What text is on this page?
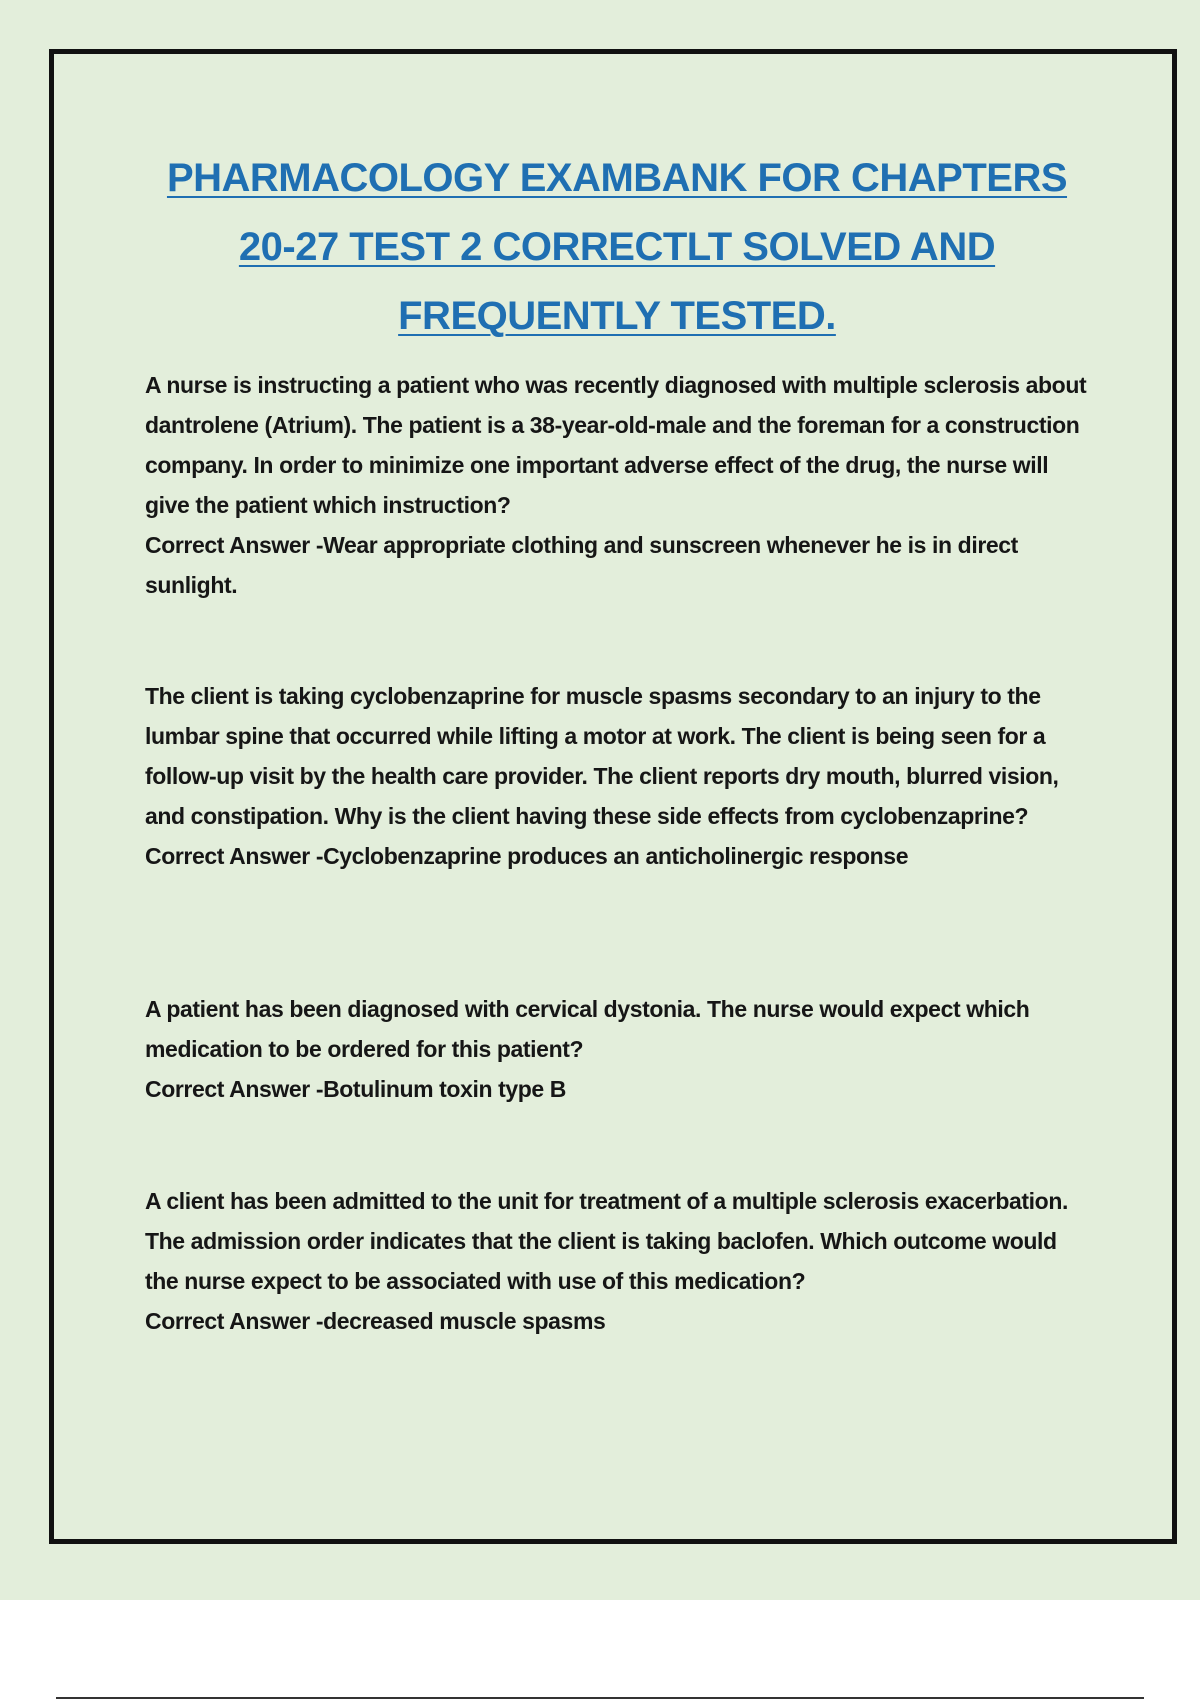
PHARMACOLOGY EXAMBANK FOR CHAPTERS
20-27 TEST 2 CORRECTLT SOLVED AND
FREQUENTLY TESTED.

A nurse is instructing a patient who was recently diagnosed with multiple sclerosis about dantrolene (Atrium). The patient is a 38-year-old-male and the foreman for a construction company. In order to minimize one important adverse effect of the drug, the nurse will give the patient which instruction?

Correct Answer -Wear appropriate clothing and sunscreen whenever he is in direct sunlight.

The client is taking cyclobenzaprine for muscle spasms secondary to an injury to the lumbar spine that occurred while lifting a motor at work. The client is being seen for a follow-up visit by the health care provider. The client reports dry mouth, blurred vision, and constipation. Why is the client having these side effects from cyclobenzaprine?

Correct Answer -Cyclobenzaprine produces an anticholinergic response

A patient has been diagnosed with cervical dystonia. The nurse would expect which medication to be ordered for this patient?

Correct Answer -Botulinum toxin type B

A client has been admitted to the unit for treatment of a multiple sclerosis exacerbation. The admission order indicates that the client is taking baclofen. Which outcome would the nurse expect to be associated with use of this medication?

Correct Answer -decreased muscle spasms
